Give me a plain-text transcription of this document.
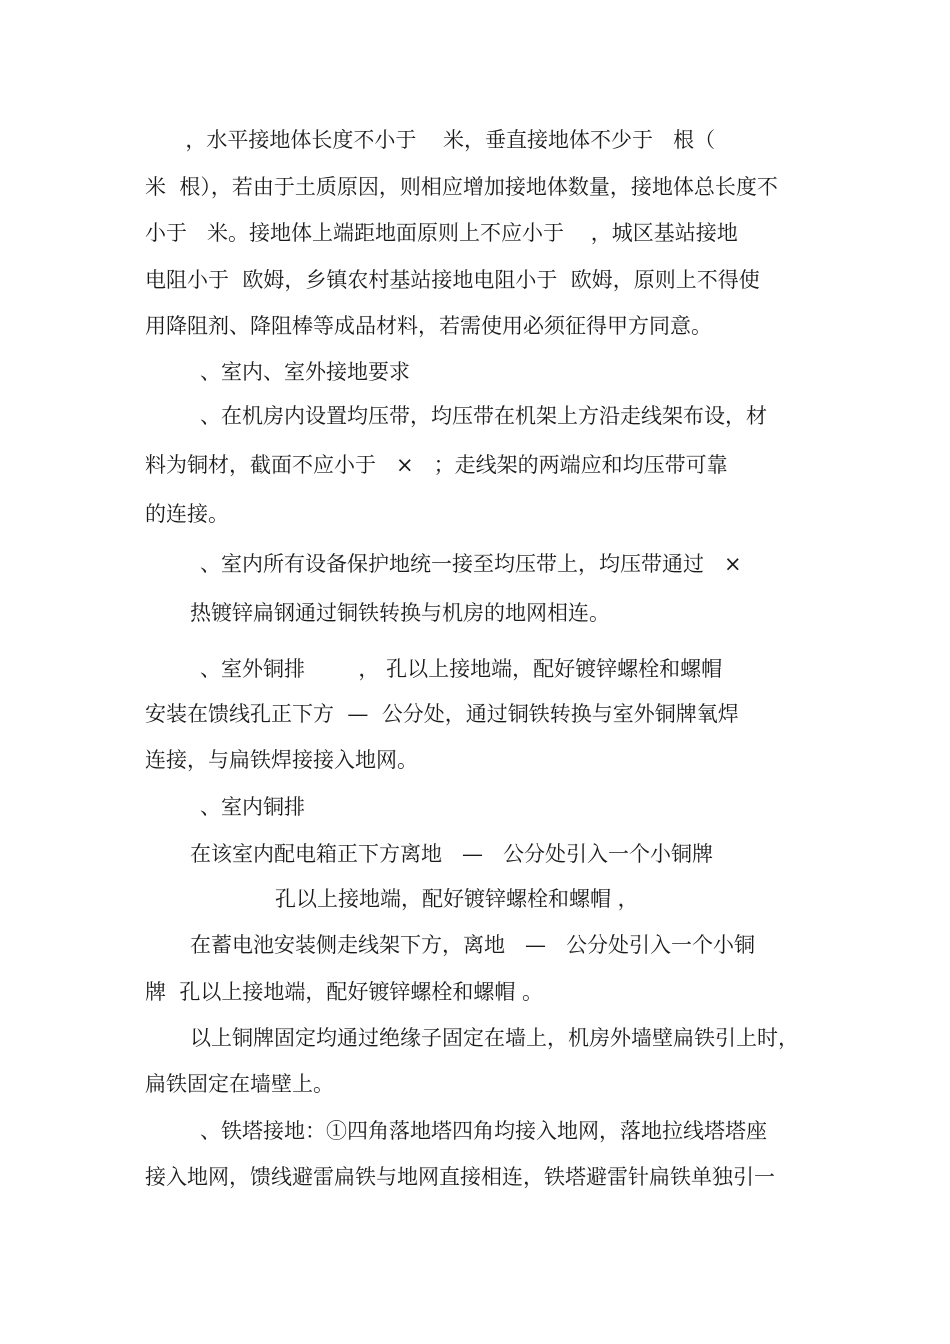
，水平接地体长度不小于    米，垂直接地体不少于   根（

米  根），若由于土质原因，则相应增加接地体数量，接地体总长度不

小于   米。接地体上端距地面原则上不应小于    ，城区基站接地

电阻小于  欧姆，乡镇农村基站接地电阻小于  欧姆，原则上不得使

用降阻剂、降阻棒等成品材料，若需使用必须征得甲方同意。

、室内、室外接地要求

、在机房内设置均压带，均压带在机架上方沿走线架布设，材

料为铜材，截面不应小于   ×   ；走线架的两端应和均压带可靠

的连接。

、室内所有设备保护地统一接至均压带上，均压带通过   ×

热镀锌扁钢通过铜铁转换与机房的地网相连。

、室外铜排        ， 孔以上接地端，配好镀锌螺栓和螺帽

安装在馈线孔正下方  —  公分处，通过铜铁转换与室外铜牌氧焊

连接，与扁铁焊接接入地网。

、室内铜排

在该室内配电箱正下方离地   —   公分处引入一个小铜牌

孔以上接地端，配好镀锌螺栓和螺帽 ，

在蓄电池安装侧走线架下方，离地   —   公分处引入一个小铜

牌  孔以上接地端，配好镀锌螺栓和螺帽 。

以上铜牌固定均通过绝缘子固定在墙上，机房外墙壁扁铁引上时，

扁铁固定在墙壁上。

、铁塔接地：①四角落地塔四角均接入地网，落地拉线塔塔座

接入地网，馈线避雷扁铁与地网直接相连，铁塔避雷针扁铁单独引一
